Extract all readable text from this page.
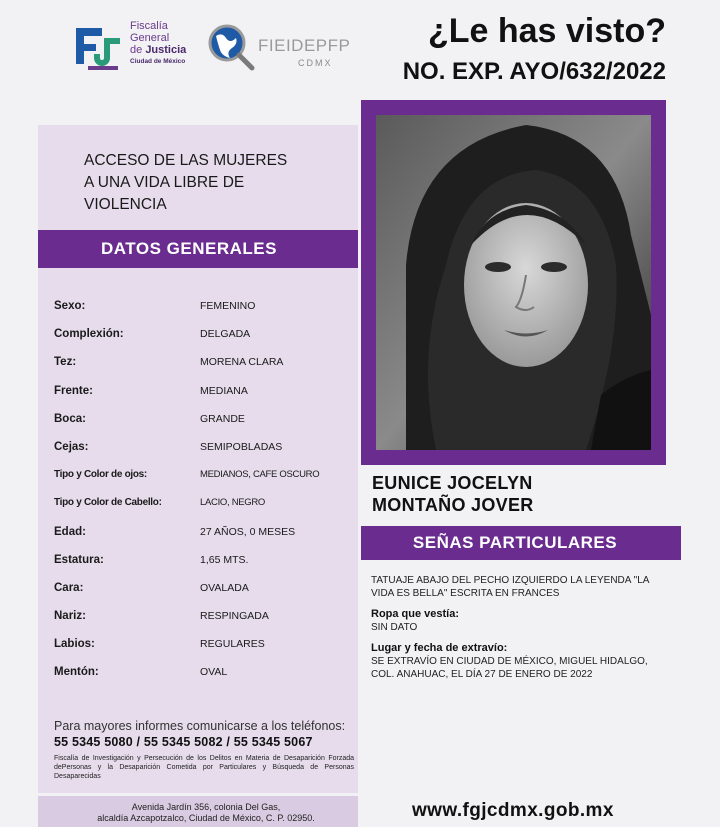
Fiscalía
General
de Justicia
Ciudad de México
FIEIDEPFP
CDMX
¿Le has visto?
NO. EXP. AYO/632/2022
ACCESO DE LAS MUJERES
A UNA VIDA LIBRE DE
VIOLENCIA
DATOS GENERALES
Sexo:	FEMENINO
Complexión:	DELGADA
Tez:	MORENA CLARA
Frente:	MEDIANA
Boca:	GRANDE
Cejas:	SEMIPOBLADAS
Tipo y Color de ojos:	MEDIANOS, CAFE OSCURO
Tipo y Color de Cabello:	LACIO, NEGRO
Edad:	27 AÑOS, 0 MESES
Estatura:	1,65 MTS.
Cara:	OVALADA
Nariz:	RESPINGADA
Labios:	REGULARES
Mentón:	OVAL
Para mayores informes comunicarse a los teléfonos:
55 5345 5080 / 55 5345 5082 / 55 5345 5067
Fiscalía de Investigación y Persecución de los Delitos en Materia de Desaparición Forzada dePersonas y la Desaparición Cometida por Particulares y Búsqueda de Personas Desaparecidas
Avenida Jardín 356, colonia Del Gas,
alcaldía Azcapotzalco, Ciudad de México, C. P. 02950.
EUNICE JOCELYN
MONTAÑO JOVER
SEÑAS PARTICULARES
TATUAJE ABAJO DEL PECHO IZQUIERDO LA LEYENDA "LA VIDA ES BELLA" ESCRITA EN FRANCES
Ropa que vestía:
SIN DATO
Lugar y fecha de extravío:
SE EXTRAVÍO EN CIUDAD DE MÉXICO, MIGUEL HIDALGO, COL. ANAHUAC, EL DÍA 27 DE ENERO DE 2022
www.fgjcdmx.gob.mx
